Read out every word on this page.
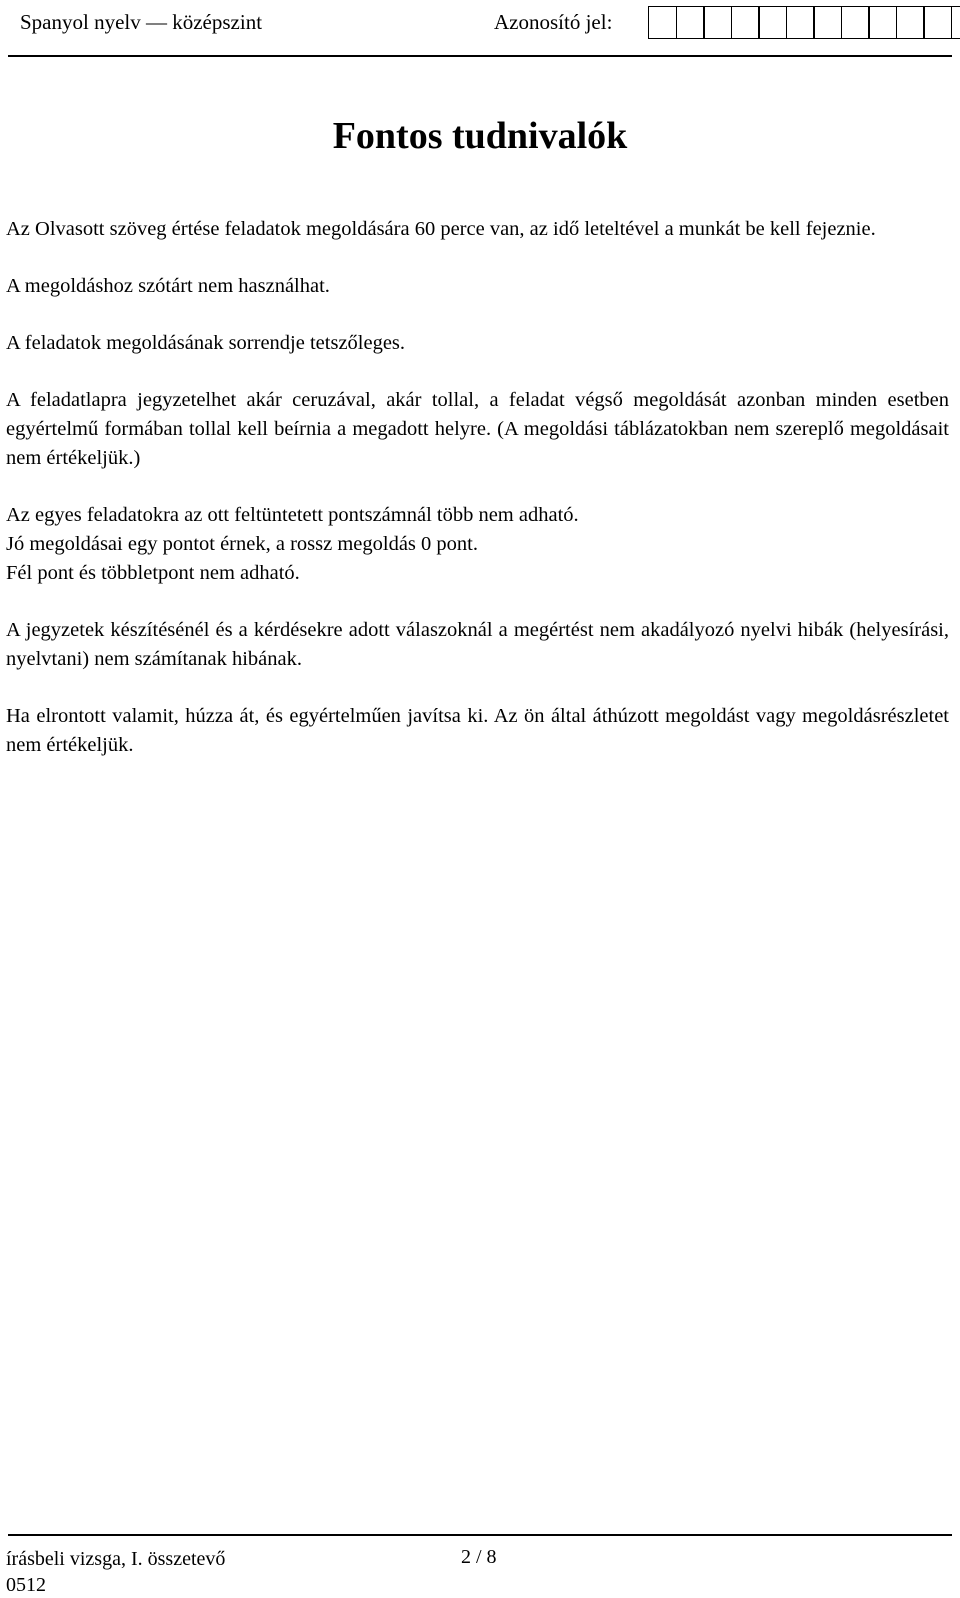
Spanyol nyelv — középszint	Azonosító jel:
Fontos tudnivalók

Az Olvasott szöveg értése feladatok megoldására 60 perce van, az idő leteltével a munkát be kell fejeznie.

A megoldáshoz szótárt nem használhat.

A feladatok megoldásának sorrendje tetszőleges.

A feladatlapra jegyzetelhet akár ceruzával, akár tollal, a feladat végső megoldását azonban minden esetben egyértelmű formában tollal kell beírnia a megadott helyre. (A megoldási táblázatokban nem szereplő megoldásait nem értékeljük.)

Az egyes feladatokra az ott feltüntetett pontszámnál több nem adható.

Jó megoldásai egy pontot érnek, a rossz megoldás 0 pont.

Fél pont és többletpont nem adható.

A jegyzetek készítésénél és a kérdésekre adott válaszoknál a megértést nem akadályozó nyelvi hibák (helyesírási, nyelvtani) nem számítanak hibának.

Ha elrontott valamit, húzza át, és egyértelműen javítsa ki. Az ön által áthúzott megoldást vagy megoldásrészletet nem értékeljük.

írásbeli vizsga, I. összetevő
0512
2 / 8
